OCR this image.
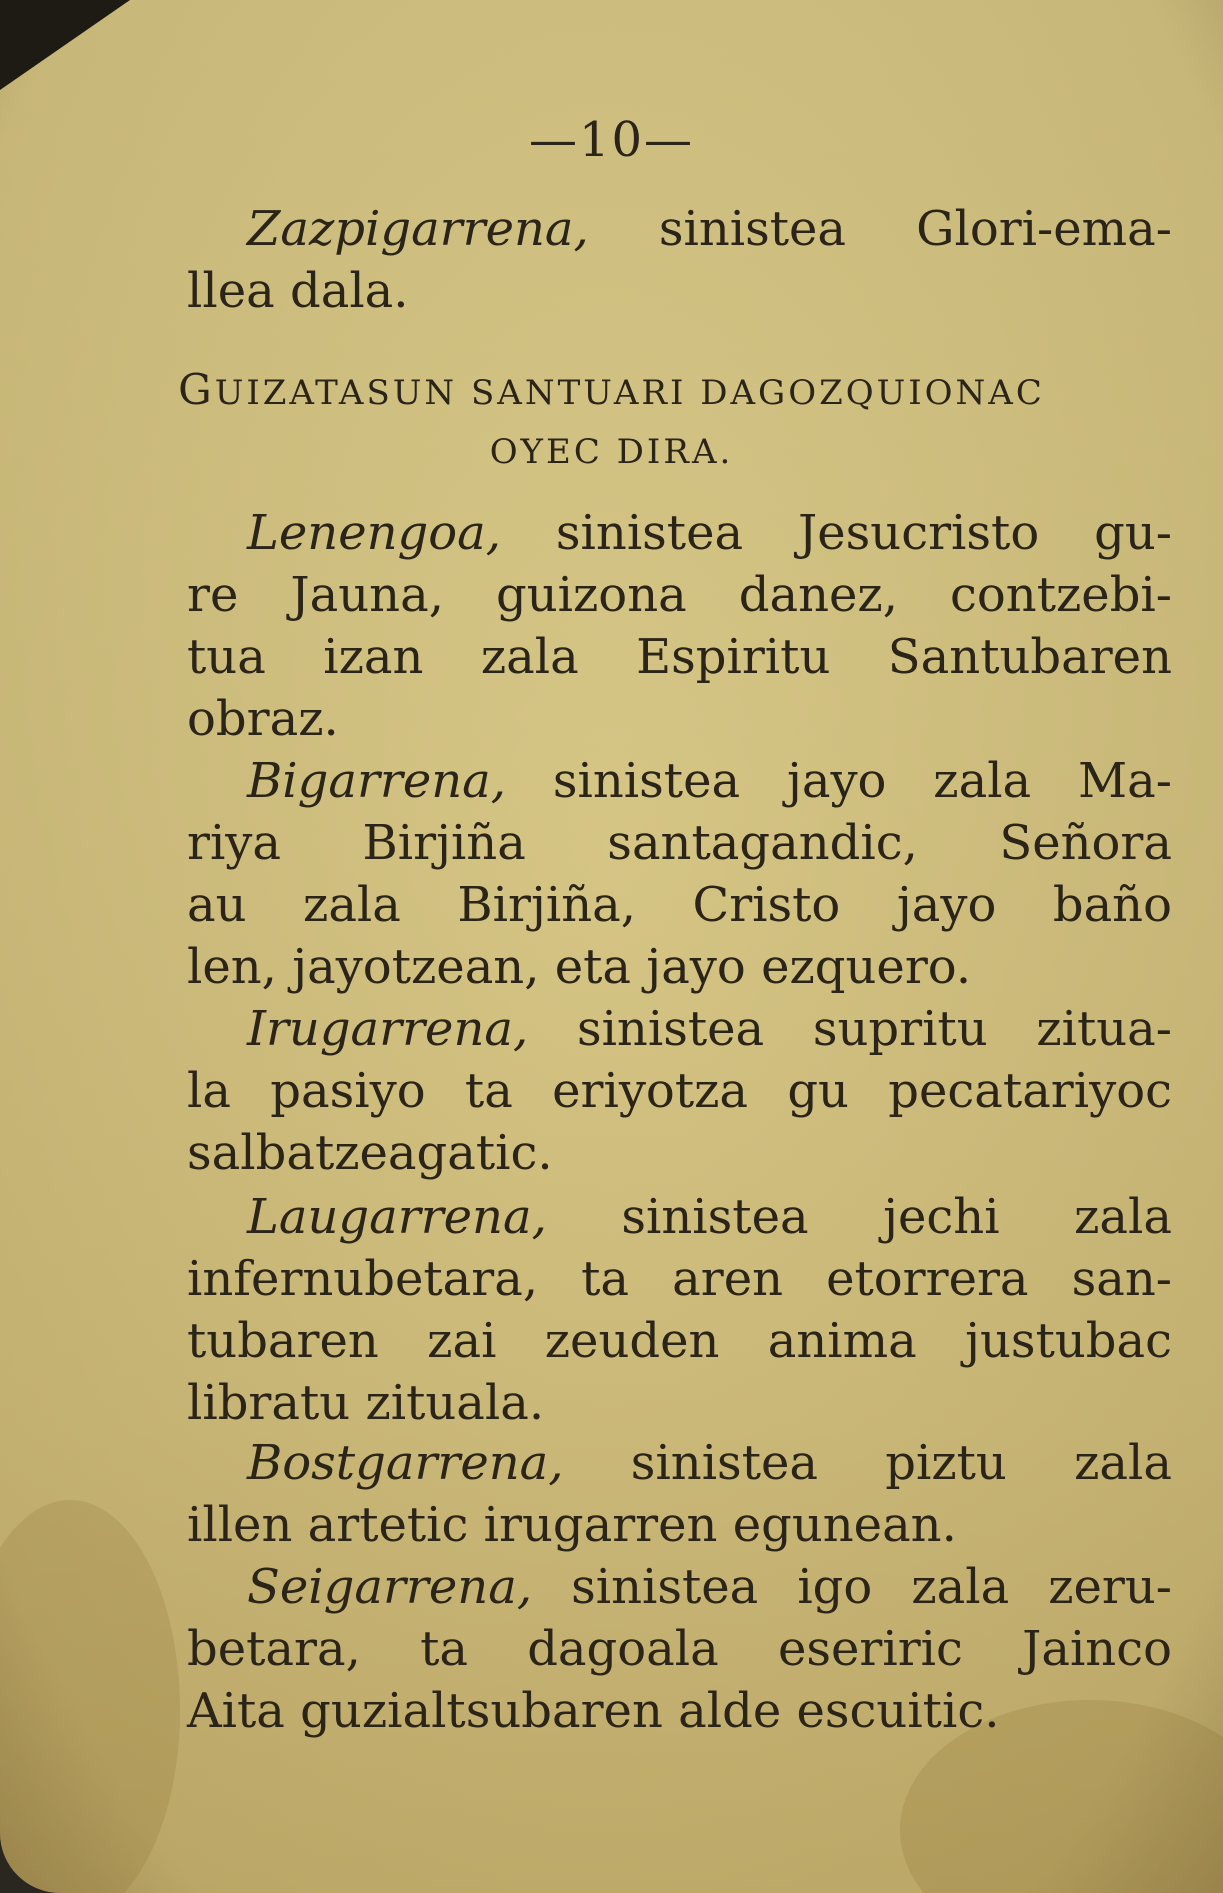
—10—
Zazpigarrena, sinistea Glori-ema-
llea dala.
GUIZATASUN SANTUARI DAGOZQUIONAC
OYEC DIRA.
Lenengoa, sinistea Jesucristo gu-
re Jauna, guizona danez, contzebi-
tua izan zala Espiritu Santubaren
obraz.
Bigarrena, sinistea jayo zala Ma-
riya Birjiña santagandic, Señora
au zala Birjiña, Cristo jayo baño
len, jayotzean, eta jayo ezquero.
Irugarrena, sinistea supritu zitua-
la pasiyo ta eriyotza gu pecatariyoc
salbatzeagatic.
Laugarrena, sinistea jechi zala
infernubetara, ta aren etorrera san-
tubaren zai zeuden anima justubac
libratu zituala.
Bostgarrena, sinistea piztu zala
illen artetic irugarren egunean.
Seigarrena, sinistea igo zala zeru-
betara, ta dagoala eseriric Jainco
Aita guzialtsubaren alde escuitic.
